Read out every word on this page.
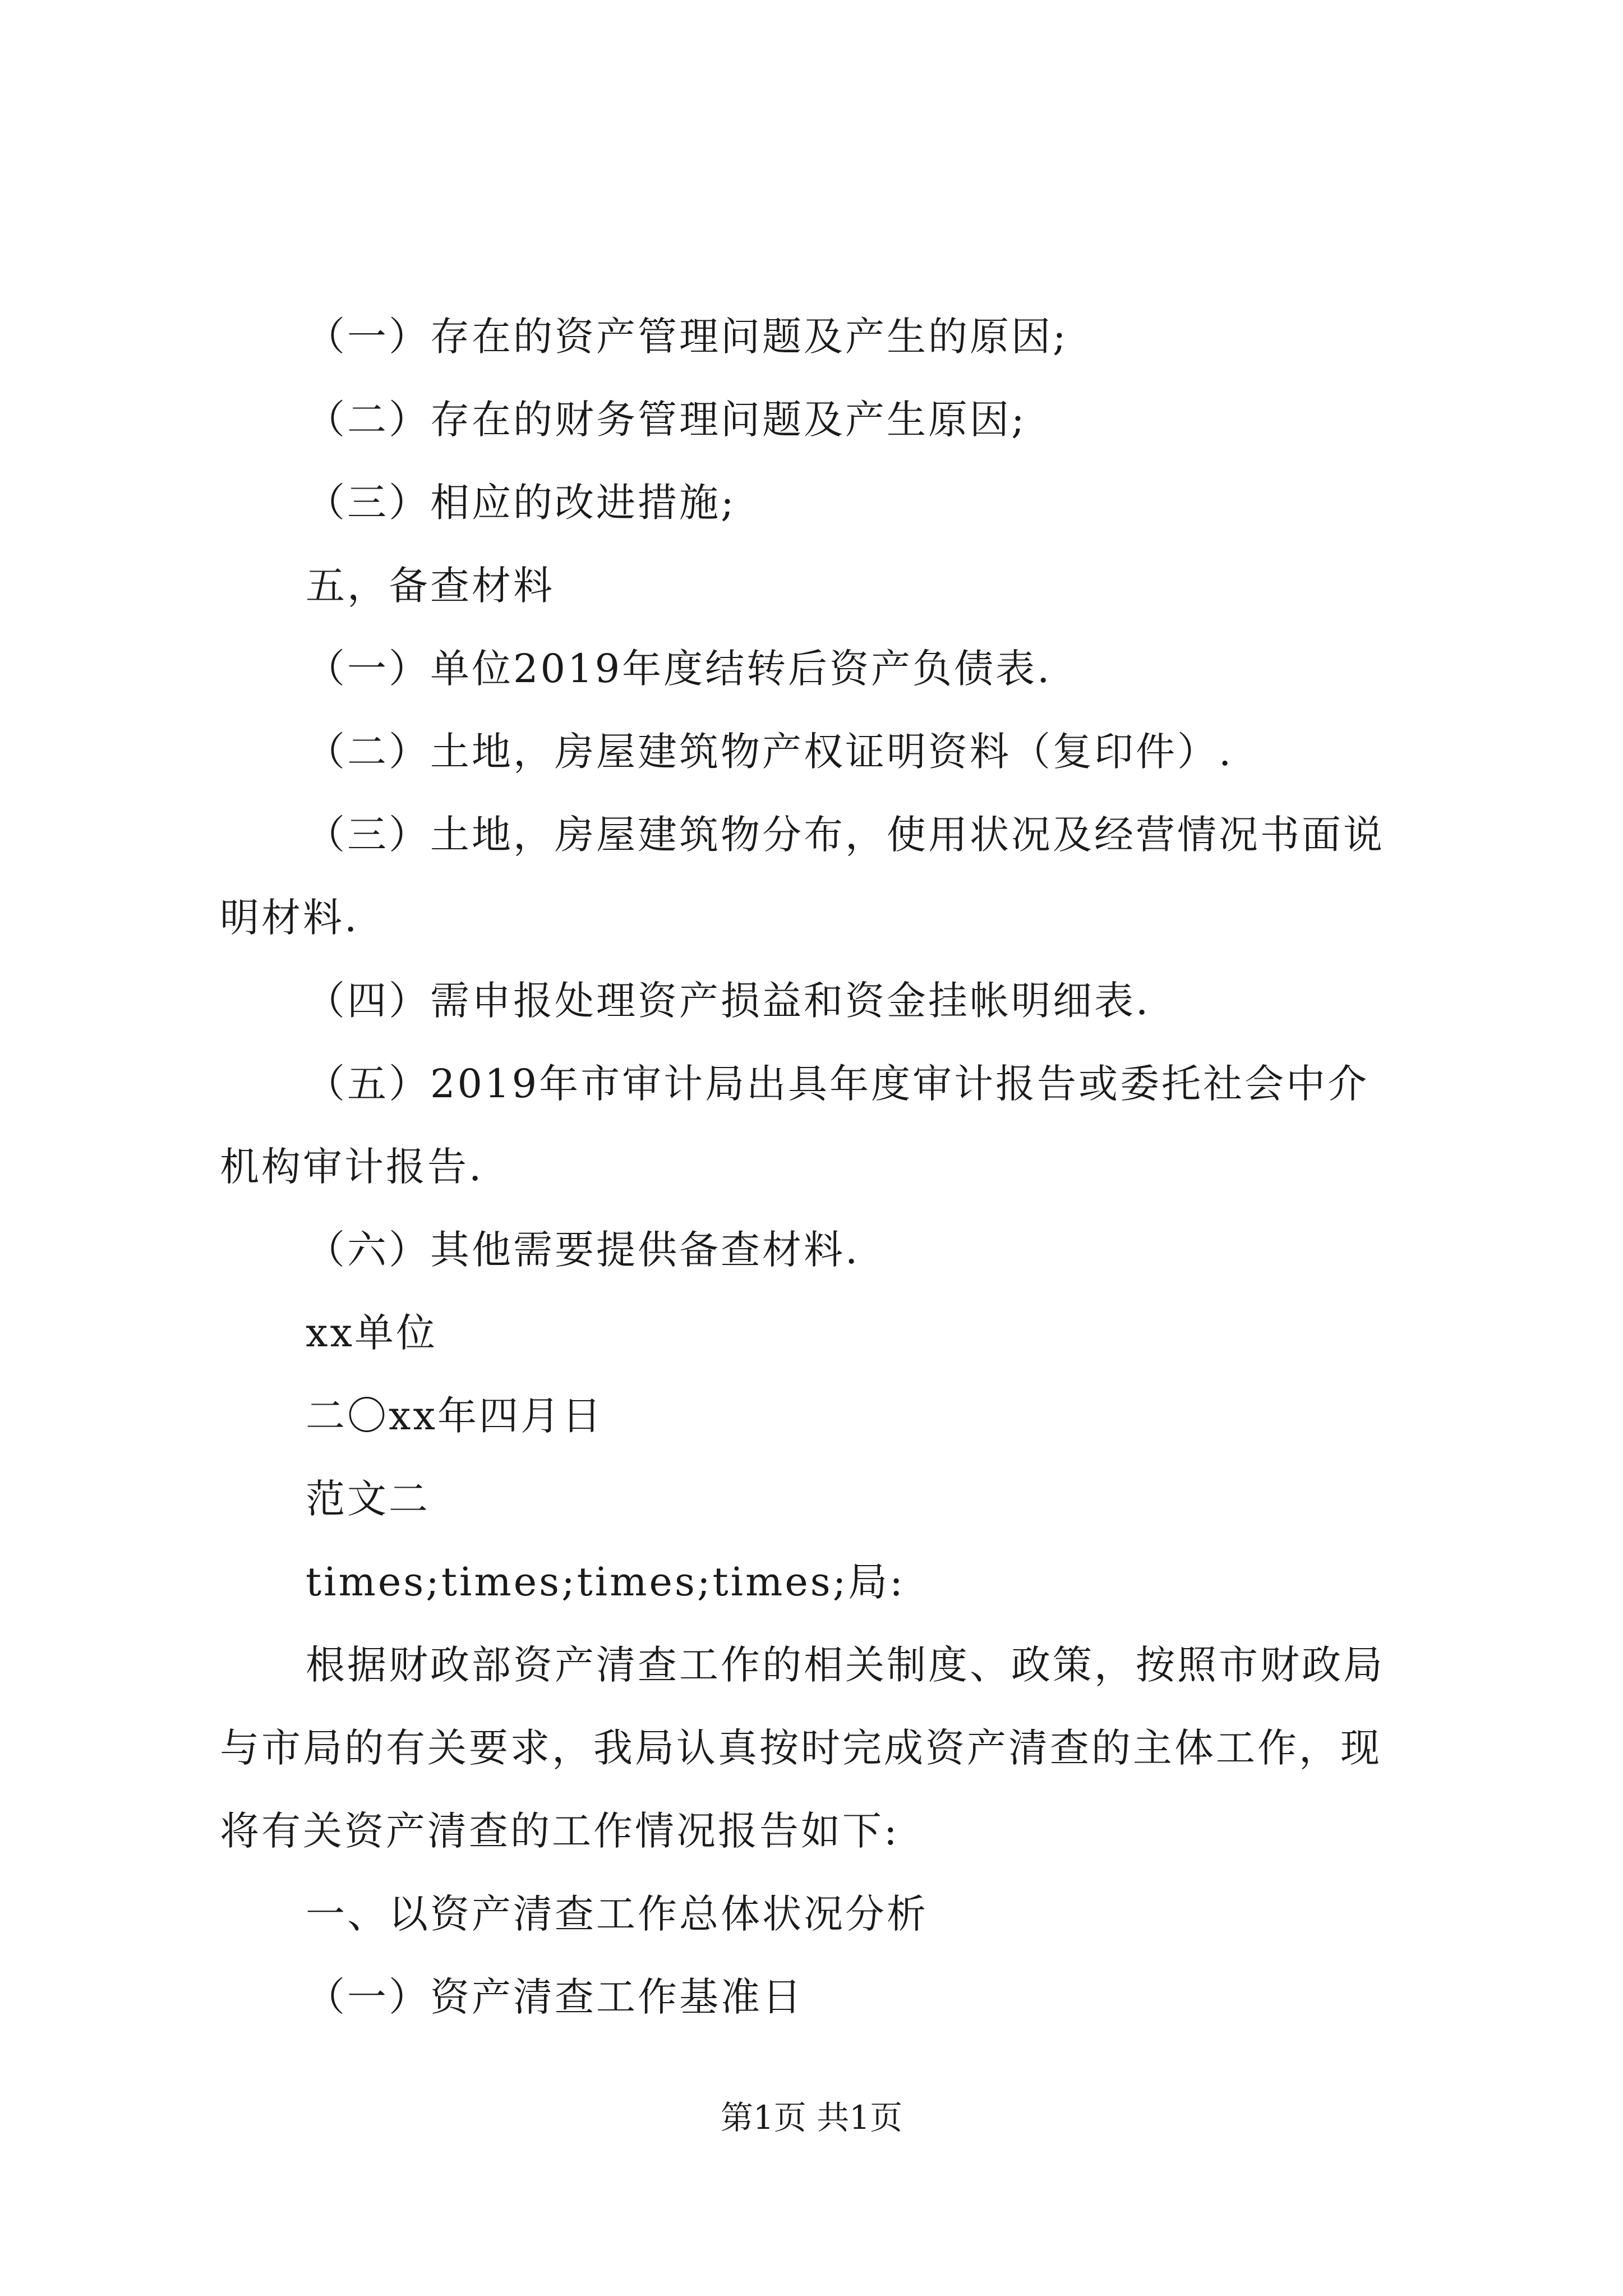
（一）存在的资产管理问题及产生的原因;
（二）存在的财务管理问题及产生原因;
（三）相应的改进措施;
五，备查材料
（一）单位2019年度结转后资产负债表.
（二）土地，房屋建筑物产权证明资料（复印件）.
（三）土地，房屋建筑物分布，使用状况及经营情况书面说
明材料.
（四）需申报处理资产损益和资金挂帐明细表.
（五）2019年市审计局出具年度审计报告或委托社会中介
机构审计报告.
（六）其他需要提供备查材料.
xx单位
二〇xx年四月日
范文二
times;times;times;times;局:
根据财政部资产清查工作的相关制度、政策，按照市财政局
与市局的有关要求，我局认真按时完成资产清查的主体工作，现
将有关资产清查的工作情况报告如下:
一、以资产清查工作总体状况分析
（一）资产清查工作基准日
第1页 共1页
